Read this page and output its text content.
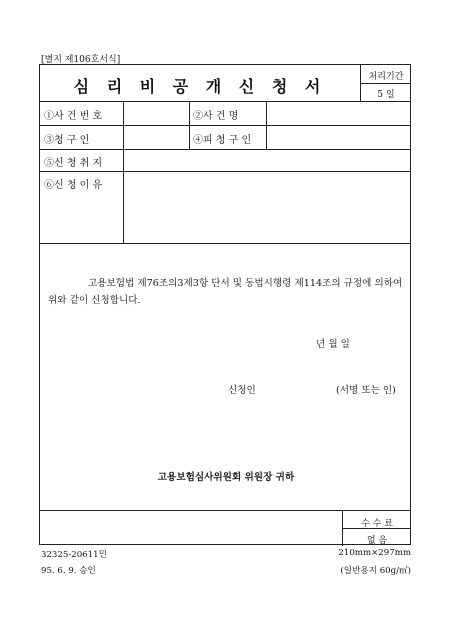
[별지 제106호서식]
심 리 비 공 개 신 청 서	처리기간
5 일
①사 건 번 호	②사 건 명
③청 구 인	④피 청 구 인
⑤신 청 취 지
⑥신 청 이 유
고용보험법 제76조의3제3항 단서 및 동법시행령 제114조의 규정에 의하여 위와 같이 신청합니다.
년 월 일
신청인	(서명 또는 인)
고용보험심사위원회 위원장 귀하
수 수 료
없 음
32325-20611민
95. 6. 9. 승인
210mm×297mm
(일반용지 60g/㎡)
